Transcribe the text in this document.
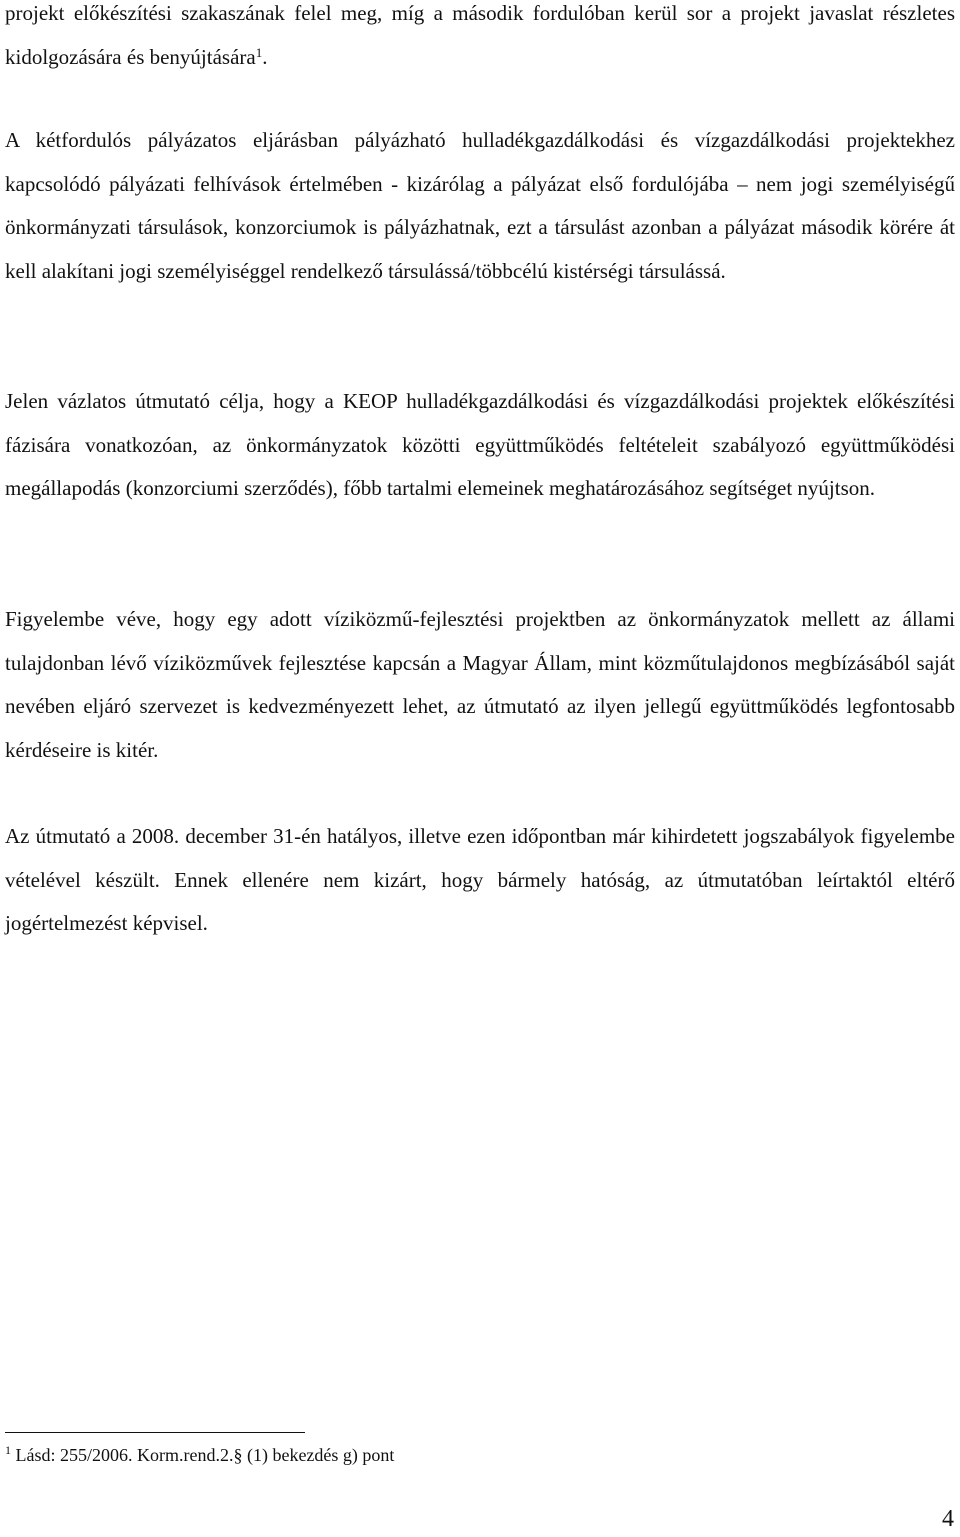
projekt előkészítési szakaszának felel meg, míg a második fordulóban kerül sor a projekt javaslat részletes kidolgozására és benyújtására$^1$.

A kétfordulós pályázatos eljárásban pályázható hulladékgazdálkodási és vízgazdálkodási projektekhez kapcsolódó pályázati felhívások értelmében - kizárólag a pályázat első fordulójába – nem jogi személyiségű önkormányzati társulások, konzorciumok is pályázhatnak, ezt a társulást azonban a pályázat második körére át kell alakítani jogi személyiséggel rendelkező társulássá/többcélú kistérségi társulássá.

Jelen vázlatos útmutató célja, hogy a KEOP hulladékgazdálkodási és vízgazdálkodási projektek előkészítési fázisára vonatkozóan, az önkormányzatok közötti együttműködés feltételeit szabályozó együttműködési megállapodás (konzorciumi szerződés), főbb tartalmi elemeinek meghatározásához segítséget nyújtson.

Figyelembe véve, hogy egy adott víziközmű-fejlesztési projektben az önkormányzatok mellett az állami tulajdonban lévő víziközművek fejlesztése kapcsán a Magyar Állam, mint közműtulajdonos megbízásából saját nevében eljáró szervezet is kedvezményezett lehet, az útmutató az ilyen jellegű együttműködés legfontosabb kérdéseire is kitér.

Az útmutató a 2008. december 31-én hatályos, illetve ezen időpontban már kihirdetett jogszabályok figyelembe vételével készült. Ennek ellenére nem kizárt, hogy bármely hatóság, az útmutatóban leírtaktól eltérő jogértelmezést képvisel.

$^1$ Lásd: 255/2006. Korm.rend.2.§ (1) bekezdés g) pont

4
